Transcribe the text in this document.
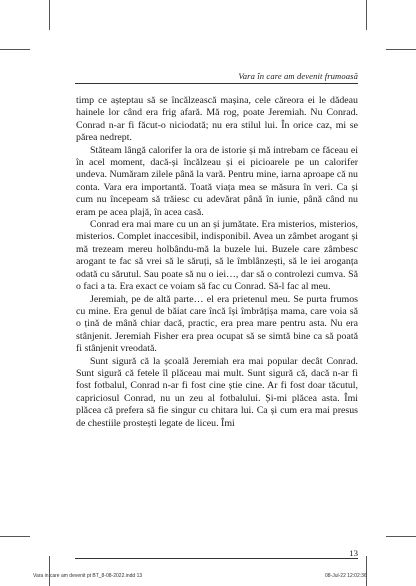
Vara în care am devenit frumoasă

timp ce așteptau să se încălzească mașina, cele căreora ei le dădeau hainele lor când era frig afară. Mă rog, poate Jeremiah. Nu Conrad. Conrad n-ar fi făcut-o niciodată; nu era stilul lui. În orice caz, mi se părea nedrept.

Stăteam lângă calorifer la ora de istorie și mă intrebam ce făceau ei în acel moment, dacă-și încălzeau și ei picioarele pe un calorifer undeva. Număram zilele până la vară. Pentru mine, iarna aproape că nu conta. Vara era importantă. Toată viața mea se măsura în veri. Ca și cum nu începeam să trăiesc cu adevărat până în iunie, până când nu eram pe acea plajă, în acea casă.

Conrad era mai mare cu un an și jumătate. Era misterios, misterios, misterios. Complet inaccesibil, indisponibil. Avea un zâmbet arogant și mă trezeam mereu holbându-mă la buzele lui. Buzele care zâmbesc arogant te fac să vrei să le săruți, să le îmblânzești, să le iei aroganța odată cu sărutul. Sau poate să nu o iei…, dar să o controlezi cumva. Să o faci a ta. Era exact ce voiam să fac cu Conrad. Să-l fac al meu.

Jeremiah, pe de altă parte… el era prietenul meu. Se purta frumos cu mine. Era genul de băiat care încă își îmbrățișa mama, care voia să o țină de mână chiar dacă, practic, era prea mare pentru asta. Nu era stânjenit. Jeremiah Fisher era prea ocupat să se simtă bine ca să poată fi stânjenit vreodată.

Sunt sigură că la școală Jeremiah era mai popular decât Conrad. Sunt sigură că fetele îl plăceau mai mult. Sunt sigură că, dacă n-ar fi fost fotbalul, Conrad n-ar fi fost cine știe cine. Ar fi fost doar tăcutul, capriciosul Conrad, nu un zeu al fotbalului. Și-mi plăcea asta. Îmi plăcea că prefera să fie singur cu chitara lui. Ca și cum era mai presus de chestiile prostești legate de liceu. Îmi

13
Vara in care am devenit pt BT_8-08-2022.indd 13	08-Jul-22 12:02:36
